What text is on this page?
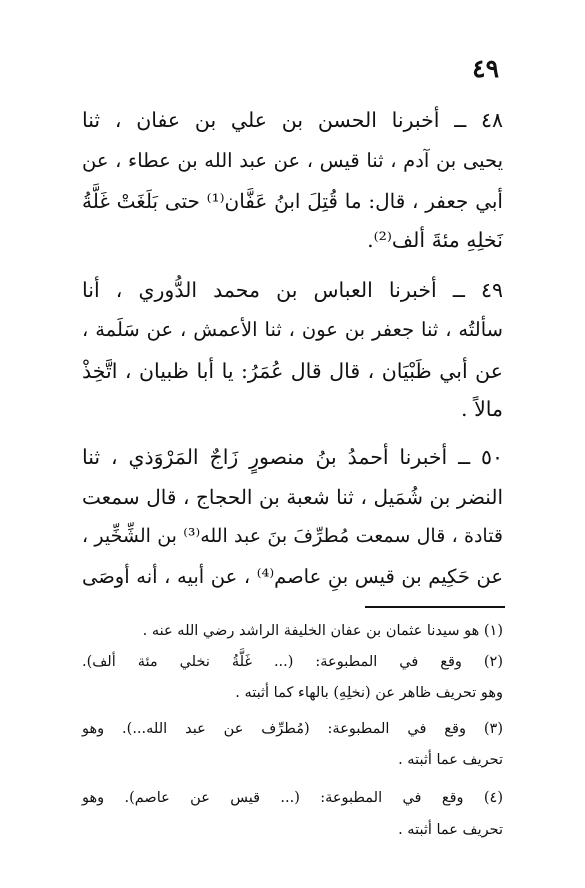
٤٩
٤٨ ــ أخبرنا الحسن بن علي بن عفان ، ثنا
يحيى بن آدم ، ثنا قيس ، عن عبد الله بن عطاء ، عن
أبي جعفر ، قال: ما قُتِلَ ابنُ عَفَّان⁽¹⁾ حتى بَلَغَتْ غَلَّةُ
نَخلِهِ مئةَ ألف⁽²⁾.
٤٩ ــ أخبرنا العباس بن محمد الدُّوري ، أنا
سألتُه ، ثنا جعفر بن عون ، ثنا الأعمش ، عن سَلَمة ،
عن أبي ظَبْيَان ، قال قال عُمَرُ: يا أبا ظبيان ، اتَّخِذْ
مالاً .
٥٠ ــ أخبرنا أحمدُ بنُ منصورٍ زَاجٌ المَرْوَذي ، ثنا
النضر بن شُمَيل ، ثنا شعبة بن الحجاج ، قال سمعت
قتادة ، قال سمعت مُطرِّفَ بنَ عبد الله⁽³⁾ بن الشِّخِّير ،
عن حَكِيم بن قيس بنِ عاصم⁽⁴⁾ ، عن أبيه ، أنه أوصَى
(١) هو سيدنا عثمان بن عفان الخليفة الراشد رضي الله عنه .
(٢) وقع في المطبوعة: (... غَلَّةُ نخلي مئة ألف).
وهو تحريف ظاهر عن (نخلِهِ) بالهاء كما أثبته .
(٣) وقع في المطبوعة: (مُطرِّف عن عبد الله...). وهو
تحريف عما أثبته .
(٤) وقع في المطبوعة: (... قيس عن عاصم). وهو
تحريف عما أثبته .
